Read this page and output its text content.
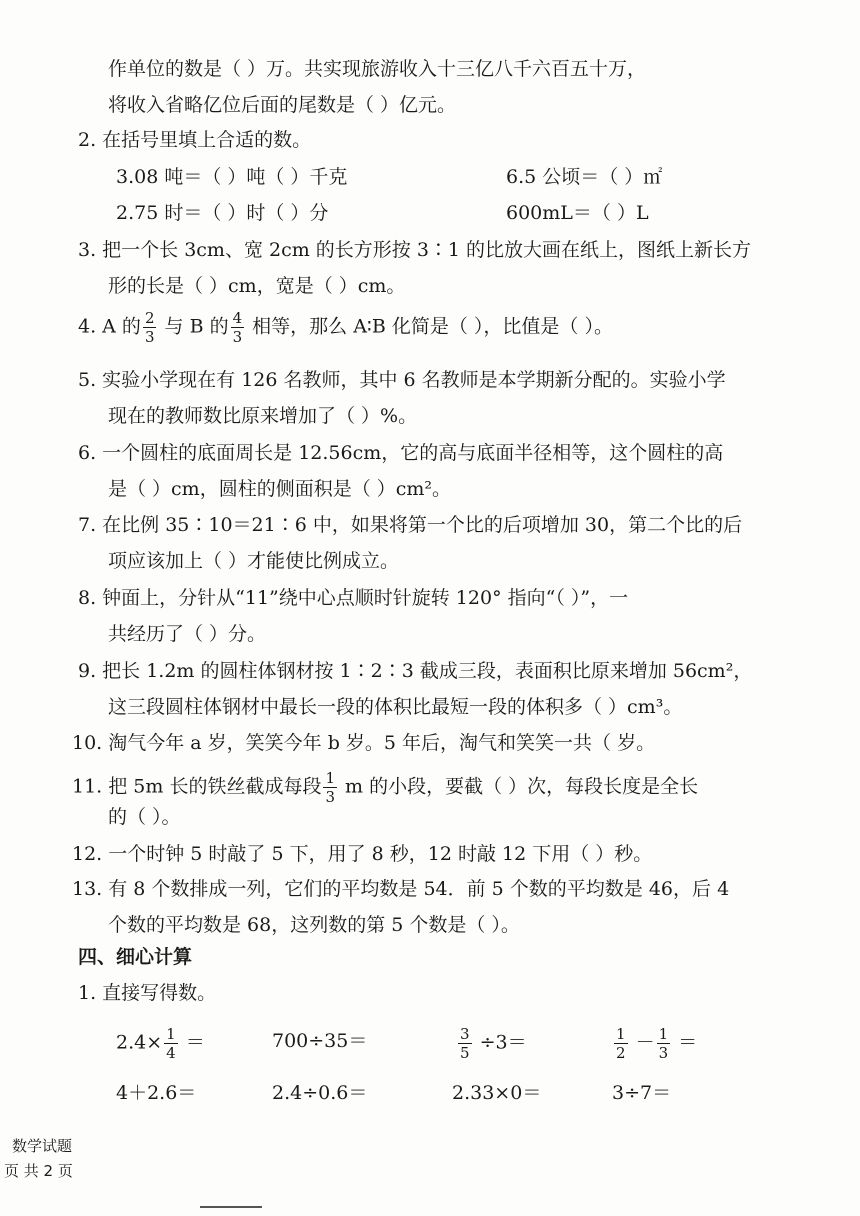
作单位的数是（ ）万。共实现旅游收入十三亿八千六百五十万，
将收入省略亿位后面的尾数是（ ）亿元。
2. 在括号里填上合适的数。
3.08 吨＝（ ）吨（ ）千克	6.5 公顷＝（ ）㎡
2.75 时＝（ ）时（ ）分	600mL＝（ ）L
3. 把一个长 3cm、宽 2cm 的长方形按 3∶1 的比放大画在纸上，图纸上新长方
形的长是（ ）cm，宽是（ ）cm。
4. A 的 $\frac{2}{3}$ 与 B 的 $\frac{4}{3}$ 相等，那么 A∶B 化简是（ ），比值是（ ）。
5. 实验小学现在有 126 名教师，其中 6 名教师是本学期新分配的。实验小学
现在的教师数比原来增加了（ ）%。
6. 一个圆柱的底面周长是 12.56cm，它的高与底面半径相等，这个圆柱的高
是（ ）cm，圆柱的侧面积是（ ）cm²。
7. 在比例 35∶10＝21∶6 中，如果将第一个比的后项增加 30，第二个比的后
项应该加上（ ）才能使比例成立。
8. 钟面上，分针从“11”绕中心点顺时针旋转 120° 指向“（ ）”，一
共经历了（ ）分。
9. 把长 1.2m 的圆柱体钢材按 1∶2∶3 截成三段，表面积比原来增加 56cm²，
这三段圆柱体钢材中最长一段的体积比最短一段的体积多（ ）cm³。
10. 淘气今年 a 岁，笑笑今年 b 岁。5 年后，淘气和笑笑一共（ 岁。
11. 把 5m 长的铁丝截成每段 $\frac{1}{3}$ m 的小段，要截（ ）次，每段长度是全长
的（ ）。
12. 一个时钟 5 时敲了 5 下，用了 8 秒，12 时敲 12 下用（ ）秒。
13. 有 8 个数排成一列，它们的平均数是 54．前 5 个数的平均数是 46，后 4
个数的平均数是 68，这列数的第 5 个数是（ ）。
四、细心计算
1. 直接写得数。
$2.4\times \frac{1}{4}$ ＝	700÷35＝	$\frac{3}{5} \div 3=$	$\frac{1}{2} - \frac{1}{3}$ ＝
4＋2.6＝	2.4÷0.6＝	2.33×0＝	3÷7＝
数学试题
页 共 2 页
